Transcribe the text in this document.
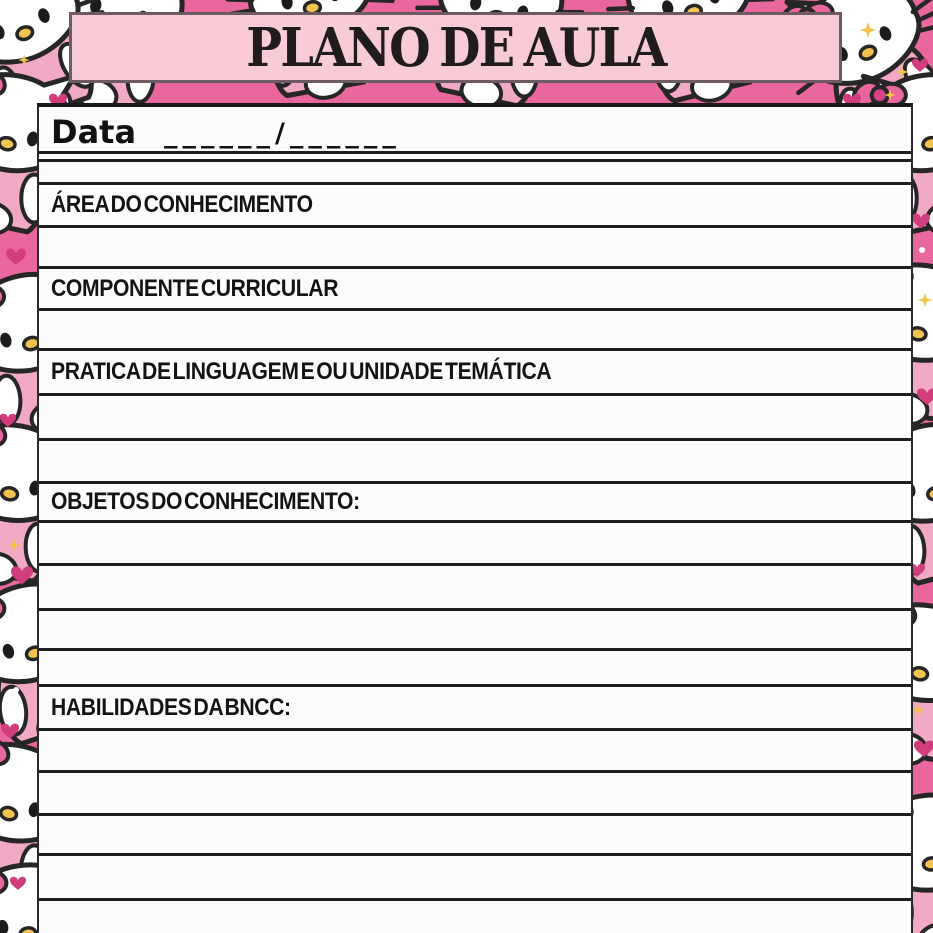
PLANO DE AULA
Data ______/______
ÁREA DO CONHECIMENTO
COMPONENTE CURRICULAR
PRATICA DE LINGUAGEM E OU UNIDADE TEMÁTICA
OBJETOS DO CONHECIMENTO:
HABILIDADES DA BNCC:
